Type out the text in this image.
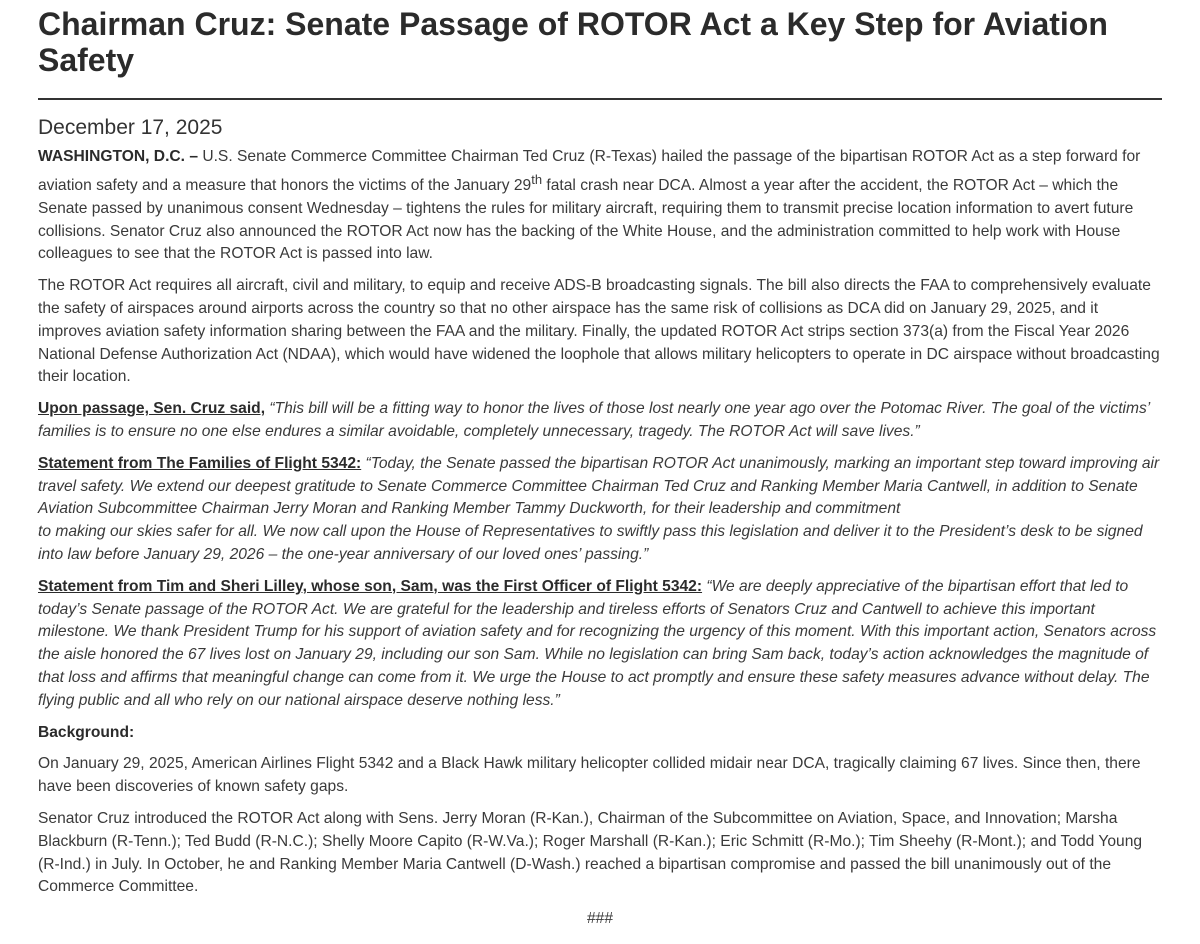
Chairman Cruz: Senate Passage of ROTOR Act a Key Step for Aviation Safety
December 17, 2025

WASHINGTON, D.C. – U.S. Senate Commerce Committee Chairman Ted Cruz (R-Texas) hailed the passage of the bipartisan ROTOR Act as a step forward for aviation safety and a measure that honors the victims of the January 29th fatal crash near DCA. Almost a year after the accident, the ROTOR Act – which the Senate passed by unanimous consent Wednesday – tightens the rules for military aircraft, requiring them to transmit precise location information to avert future collisions. Senator Cruz also announced the ROTOR Act now has the backing of the White House, and the administration committed to help work with House colleagues to see that the ROTOR Act is passed into law.

The ROTOR Act requires all aircraft, civil and military, to equip and receive ADS-B broadcasting signals. The bill also directs the FAA to comprehensively evaluate the safety of airspaces around airports across the country so that no other airspace has the same risk of collisions as DCA did on January 29, 2025, and it improves aviation safety information sharing between the FAA and the military. Finally, the updated ROTOR Act strips section 373(a) from the Fiscal Year 2026 National Defense Authorization Act (NDAA), which would have widened the loophole that allows military helicopters to operate in DC airspace without broadcasting their location.

Upon passage, Sen. Cruz said, “This bill will be a fitting way to honor the lives of those lost nearly one year ago over the Potomac River. The goal of the victims’ families is to ensure no one else endures a similar avoidable, completely unnecessary, tragedy. The ROTOR Act will save lives.”

Statement from The Families of Flight 5342: “Today, the Senate passed the bipartisan ROTOR Act unanimously, marking an important step toward improving air travel safety. We extend our deepest gratitude to Senate Commerce Committee Chairman Ted Cruz and Ranking Member Maria Cantwell, in addition to Senate Aviation Subcommittee Chairman Jerry Moran and Ranking Member Tammy Duckworth, for their leadership and commitment
to making our skies safer for all. We now call upon the House of Representatives to swiftly pass this legislation and deliver it to the President’s desk to be signed into law before January 29, 2026 – the one-year anniversary of our loved ones’ passing.”

Statement from Tim and Sheri Lilley, whose son, Sam, was the First Officer of Flight 5342: “We are deeply appreciative of the bipartisan effort that led to today’s Senate passage of the ROTOR Act. We are grateful for the leadership and tireless efforts of Senators Cruz and Cantwell to achieve this important milestone. We thank President Trump for his support of aviation safety and for recognizing the urgency of this moment. With this important action, Senators across the aisle honored the 67 lives lost on January 29, including our son Sam. While no legislation can bring Sam back, today’s action acknowledges the magnitude of that loss and affirms that meaningful change can come from it. We urge the House to act promptly and ensure these safety measures advance without delay. The flying public and all who rely on our national airspace deserve nothing less.”

Background:

On January 29, 2025, American Airlines Flight 5342 and a Black Hawk military helicopter collided midair near DCA, tragically claiming 67 lives. Since then, there have been discoveries of known safety gaps.

Senator Cruz introduced the ROTOR Act along with Sens. Jerry Moran (R-Kan.), Chairman of the Subcommittee on Aviation, Space, and Innovation; Marsha Blackburn (R-Tenn.); Ted Budd (R-N.C.); Shelly Moore Capito (R-W.Va.); Roger Marshall (R-Kan.); Eric Schmitt (R-Mo.); Tim Sheehy (R-Mont.); and Todd Young (R-Ind.) in July. In October, he and Ranking Member Maria Cantwell (D-Wash.) reached a bipartisan compromise and passed the bill unanimously out of the Commerce Committee.

###
